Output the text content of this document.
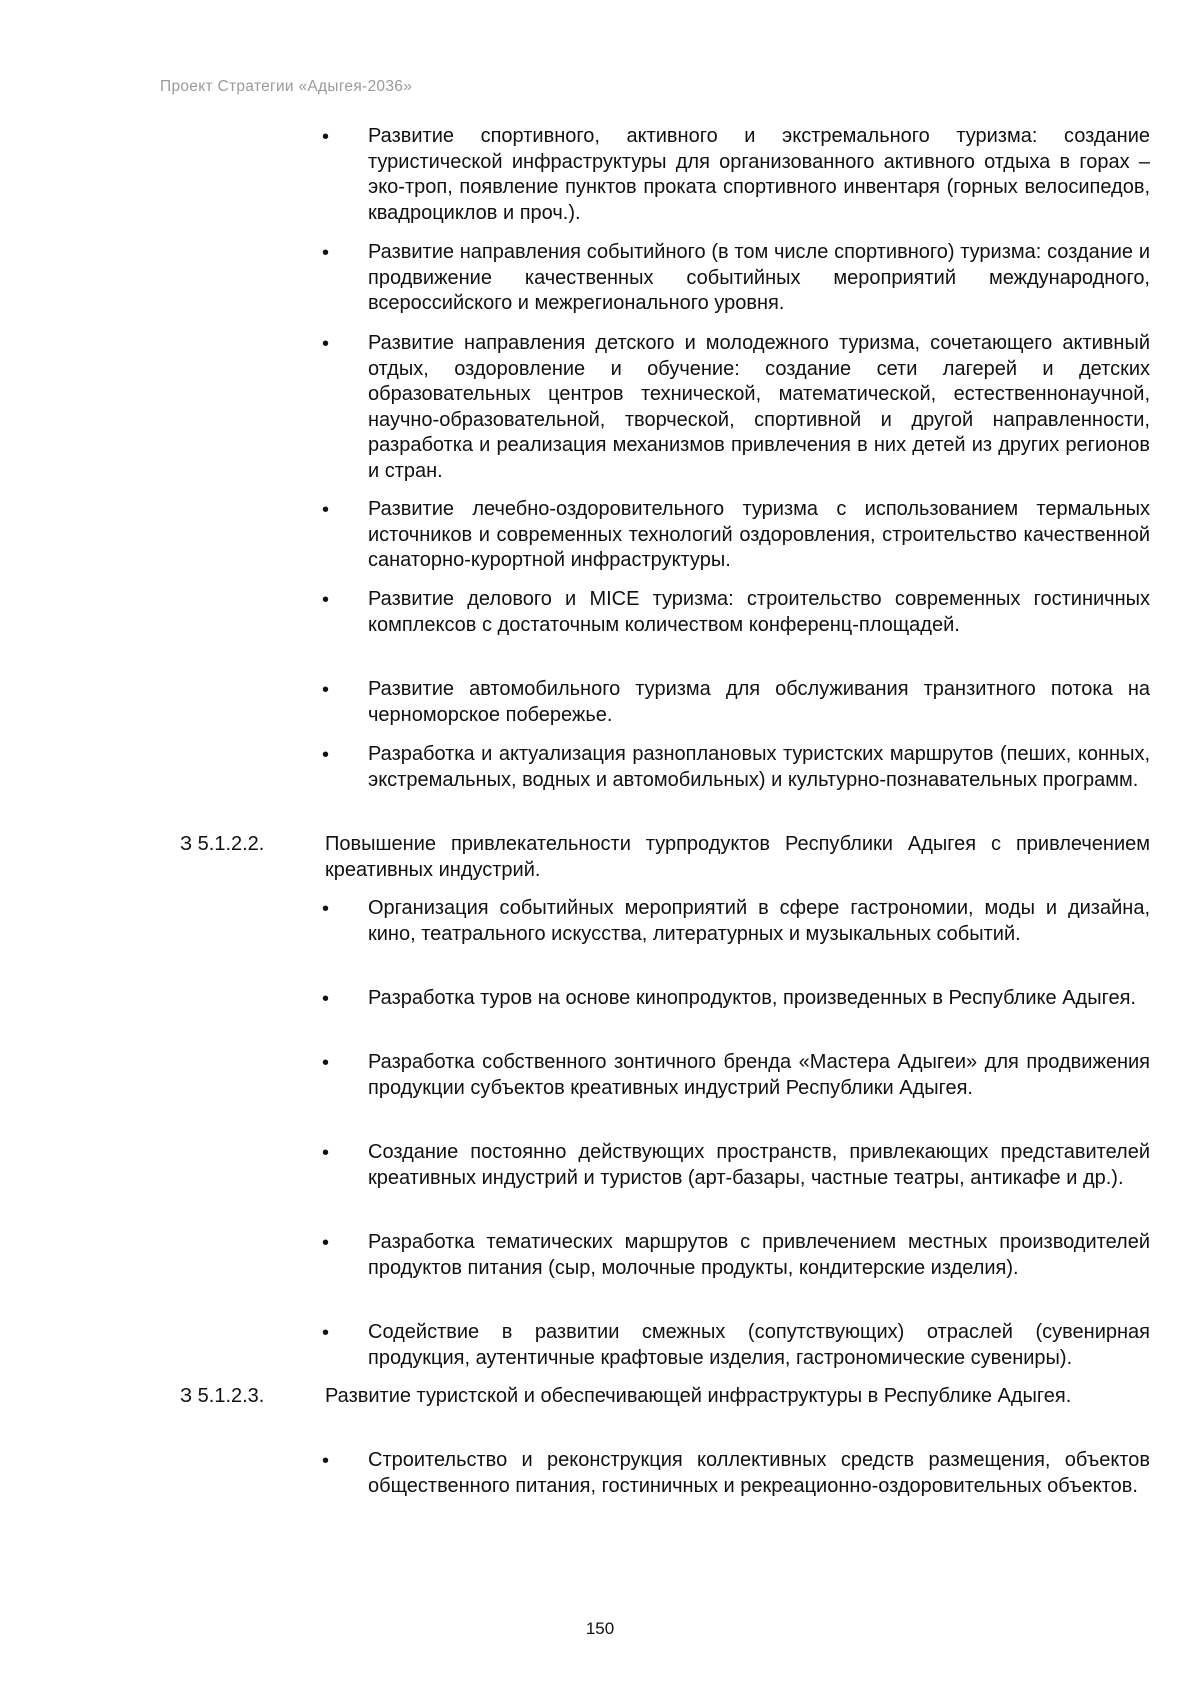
Проект Стратегии «Адыгея-2036»
• Развитие спортивного, активного и экстремального туризма: создание туристической инфраструктуры для организованного активного отдыха в горах – эко-троп, появление пунктов проката спортивного инвентаря (горных велосипедов, квадроциклов и проч.).
• Развитие направления событийного (в том числе спортивного) туризма: создание и продвижение качественных событийных мероприятий международного, всероссийского и межрегионального уровня.
• Развитие направления детского и молодежного туризма, сочетающего активный отдых, оздоровление и обучение: создание сети лагерей и детских образовательных центров технической, математической, естественнонаучной, научно-образовательной, творческой, спортивной и другой направленности, разработка и реализация механизмов привлечения в них детей из других регионов и стран.
• Развитие лечебно-оздоровительного туризма с использованием термальных источников и современных технологий оздоровления, строительство качественной санаторно-курортной инфраструктуры.
• Развитие делового и MICE туризма: строительство современных гостиничных комплексов с достаточным количеством конференц-площадей.
• Развитие автомобильного туризма для обслуживания транзитного потока на черноморское побережье.
• Разработка и актуализация разноплановых туристских маршрутов (пеших, конных, экстремальных, водных и автомобильных) и культурно-познавательных программ.
З 5.1.2.2.	Повышение привлекательности турпродуктов Республики Адыгея с привлечением креативных индустрий.
• Организация событийных мероприятий в сфере гастрономии, моды и дизайна, кино, театрального искусства, литературных и музыкальных событий.
• Разработка туров на основе кинопродуктов, произведенных в Республике Адыгея.
• Разработка собственного зонтичного бренда «Мастера Адыгеи» для продвижения продукции субъектов креативных индустрий Республики Адыгея.
• Создание постоянно действующих пространств, привлекающих представителей креативных индустрий и туристов (арт-базары, частные театры, антикафе и др.).
• Разработка тематических маршрутов с привлечением местных производителей продуктов питания (сыр, молочные продукты, кондитерские изделия).
• Содействие в развитии смежных (сопутствующих) отраслей (сувенирная продукция, аутентичные крафтовые изделия, гастрономические сувениры).
З 5.1.2.3.	Развитие туристской и обеспечивающей инфраструктуры в Республике Адыгея.
• Строительство и реконструкция коллективных средств размещения, объектов общественного питания, гостиничных и рекреационно-оздоровительных объектов.
150
